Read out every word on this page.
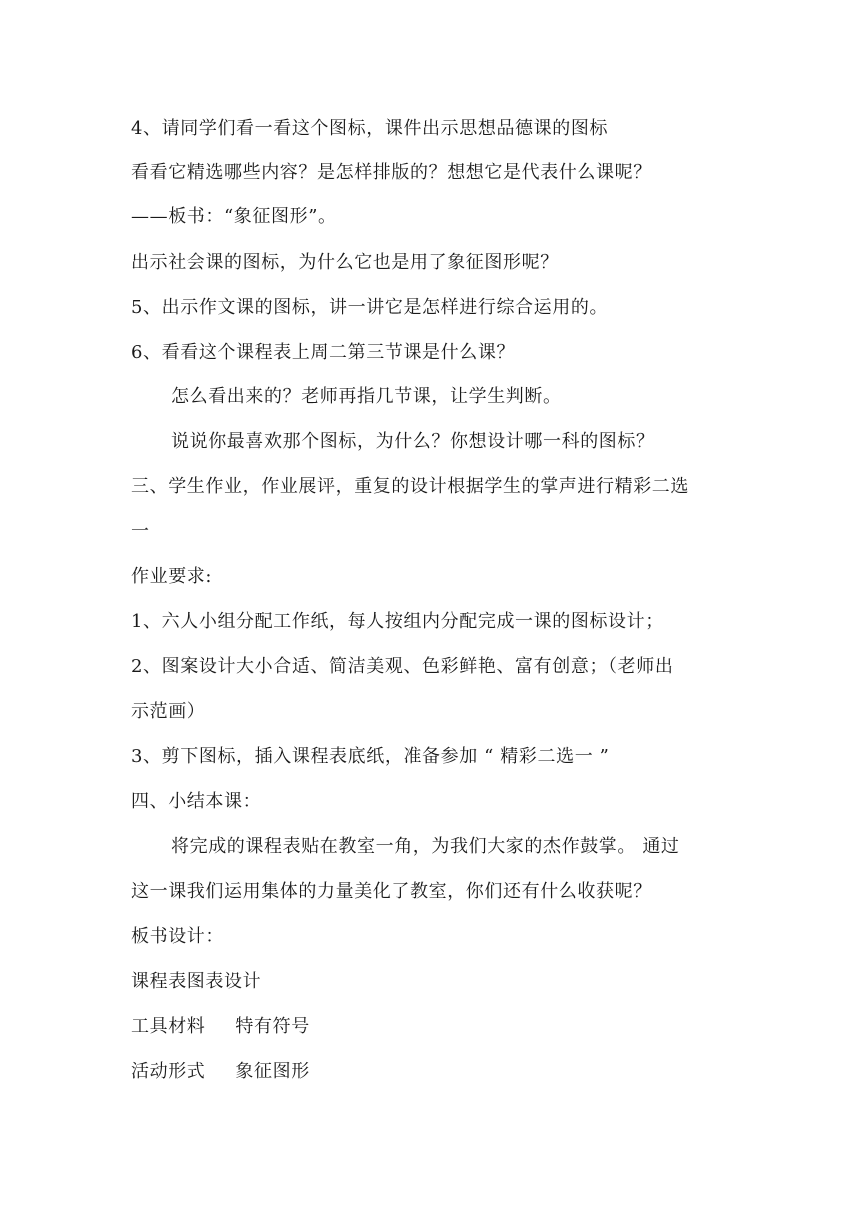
4、请同学们看一看这个图标，课件出示思想品德课的图标
看看它精选哪些内容？是怎样排版的？想想它是代表什么课呢？
——板书：“象征图形”。
出示社会课的图标，为什么它也是用了象征图形呢？
5、出示作文课的图标，讲一讲它是怎样进行综合运用的。
6、看看这个课程表上周二第三节课是什么课？
怎么看出来的？老师再指几节课，让学生判断。
说说你最喜欢那个图标，为什么？你想设计哪一科的图标？
三、学生作业，作业展评，重复的设计根据学生的掌声进行精彩二选
一
作业要求:
1、六人小组分配工作纸，每人按组内分配完成一课的图标设计；
2、图案设计大小合适、简洁美观、色彩鲜艳、富有创意；（老师出
示范画）
3、剪下图标，插入课程表底纸，准备参加 “ 精彩二选一 ”
四、小结本课：
将完成的课程表贴在教室一角，为我们大家的杰作鼓掌。 通过
这一课我们运用集体的力量美化了教室，你们还有什么收获呢？
板书设计：
课程表图表设计
工具材料 特有符号
活动形式 象征图形
